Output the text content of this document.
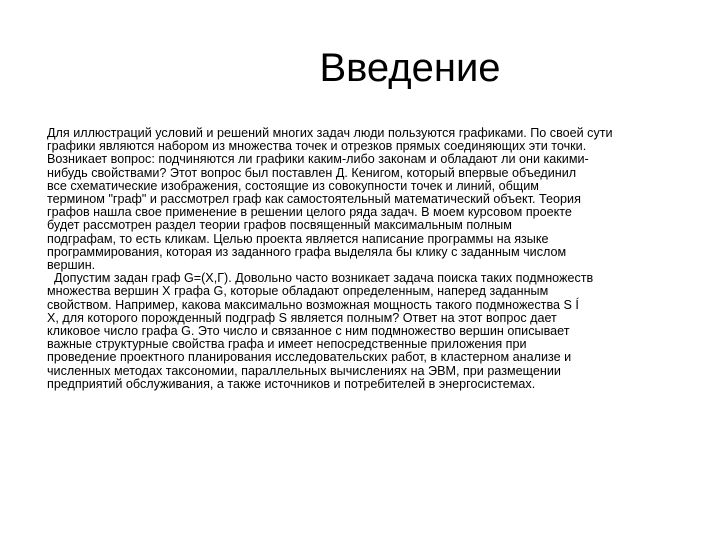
Введение

Для иллюстраций условий и решений многих задач люди пользуются графиками. По своей сути
графики являются набором из множества точек и отрезков прямых соединяющих эти точки.
Возникает вопрос: подчиняются ли графики каким-либо законам и обладают ли они какими-
нибудь свойствами? Этот вопрос был поставлен Д. Кенигом, который впервые объединил
все схематические изображения, состоящие из совокупности точек и линий, общим
термином "граф" и рассмотрел граф как самостоятельный математический объект. Теория
графов нашла свое применение в решении целого ряда задач. В моем курсовом проекте
будет рассмотрен раздел теории графов посвященный максимальным полным
подграфам, то есть кликам. Целью проекта является написание программы на языке
программирования, которая из заданного графа выделяла бы клику с заданным числом
вершин.

Допустим задан граф G=(X,Г). Довольно часто возникает задача поиска таких подмножеств
множества вершин X графа G, которые обладают определенным, наперед заданным
свойством. Например, какова максимально возможная мощность такого подмножества S Í
X, для которого порожденный подграф S является полным? Ответ на этот вопрос дает
кликовое число графа G. Это число и связанное с ним подмножество вершин описывает
важные структурные свойства графа и имеет непосредственные приложения при
проведение проектного планирования исследовательских работ, в кластерном анализе и
численных методах таксономии, параллельных вычислениях на ЭВМ, при размещении
предприятий обслуживания, а также источников и потребителей в энергосистемах.
